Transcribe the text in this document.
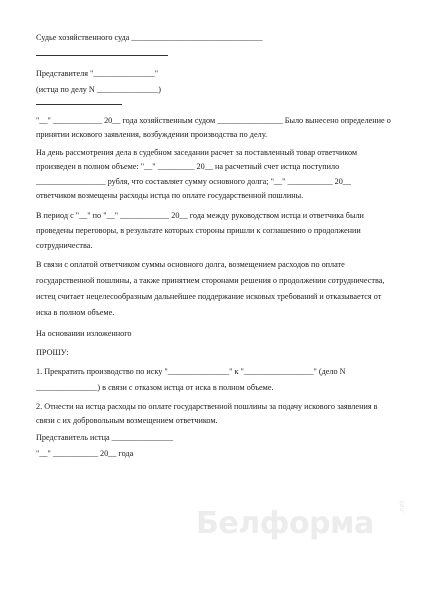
Судье хозяйственного суда ________________________________
Представителя "_______________"
(истца по делу N _______________)
"__" ____________ 20__ года хозяйственным судом ________________ Было вынесено определение о
принятии искового заявления, возбуждении производства по делу.
На день рассмотрения дела в судебном заседании расчет за поставленный товар ответчиком
произведен в полном объеме: "__" _________ 20__ на расчетный счет истца поступило
_________________ рубля, что составляет сумму основного долга; "__" ___________ 20__
ответчиком возмещены расходы истца по оплате государственной пошлины.
В период с "__" по "__" ____________ 20__ года между руководством истца и ответчика были
проведены переговоры, в результате которых стороны пришли к соглашению о продолжении
сотрудничества.
В связи с оплатой ответчиком суммы основного долга, возмещением расходов по оплате
государственной пошлины, а также принятием сторонами решения о продолжении сотрудничества,
истец считает нецелесообразным дальнейшее поддержание исковых требований и отказывается от
иска в полном объеме.
На основании изложенного
ПРОШУ:
1. Прекратить производство по иску "_______________" к "_________________" (дело N
_______________) в связи с отказом истца от иска в полном объеме.
2. Отнести на истца расходы по оплате государственной пошлины за подачу искового заявления в
связи с их добровольным возмещением ответчиком.
Представитель истца _______________
"__" ___________ 20__ года
Белформа	.net
